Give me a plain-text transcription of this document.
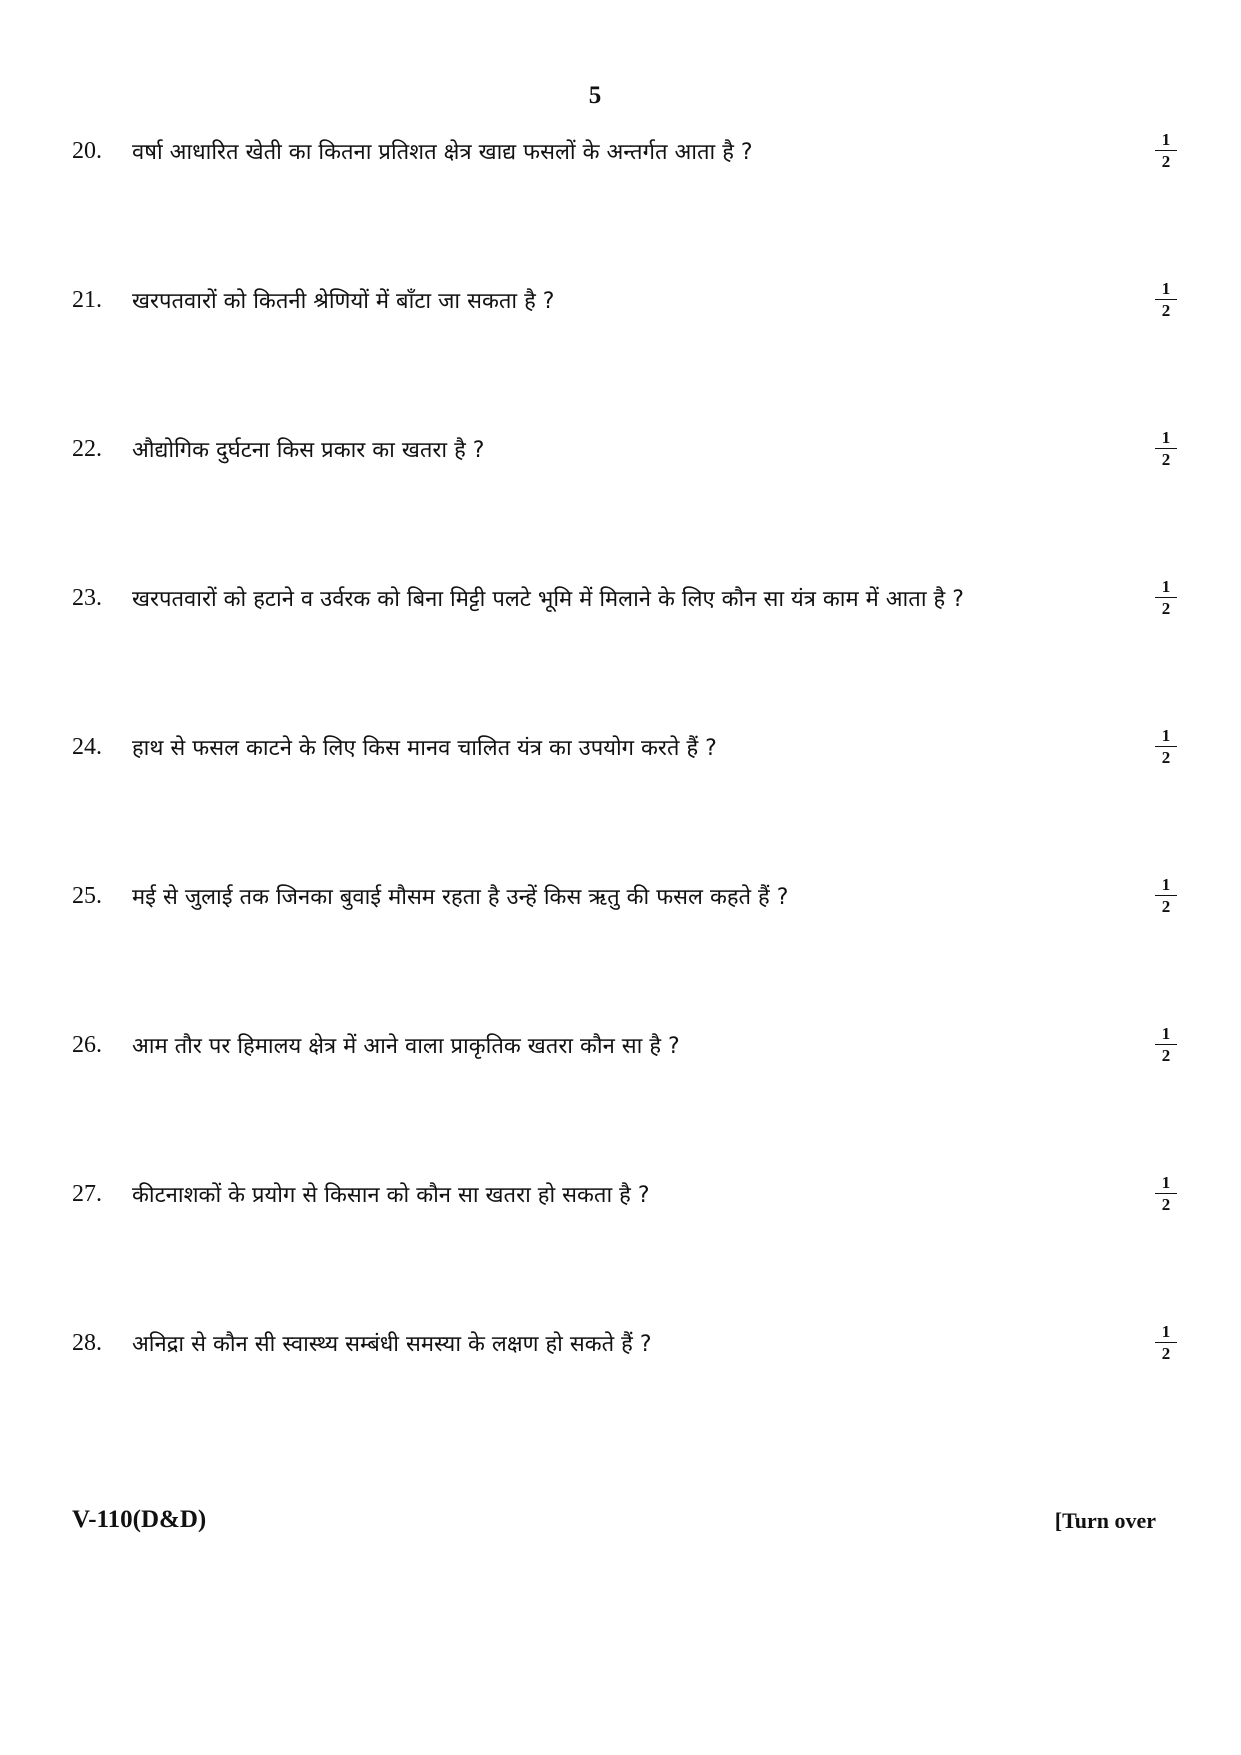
5
20. वर्षा आधारित खेती का कितना प्रतिशत क्षेत्र खाद्य फसलों के अन्तर्गत आता है ?	$\frac{1}{2}$
21. खरपतवारों को कितनी श्रेणियों में बाँटा जा सकता है ?	$\frac{1}{2}$
22. औद्योगिक दुर्घटना किस प्रकार का खतरा है ?	$\frac{1}{2}$
23. खरपतवारों को हटाने व उर्वरक को बिना मिट्टी पलटे भूमि में मिलाने के लिए कौन सा यंत्र काम में आता है ?	$\frac{1}{2}$
24. हाथ से फसल काटने के लिए किस मानव चालित यंत्र का उपयोग करते हैं ?	$\frac{1}{2}$
25. मई से जुलाई तक जिनका बुवाई मौसम रहता है उन्हें किस ऋतु की फसल कहते हैं ?	$\frac{1}{2}$
26. आम तौर पर हिमालय क्षेत्र में आने वाला प्राकृतिक खतरा कौन सा है ?	$\frac{1}{2}$
27. कीटनाशकों के प्रयोग से किसान को कौन सा खतरा हो सकता है ?	$\frac{1}{2}$
28. अनिद्रा से कौन सी स्वास्थ्य सम्बंधी समस्या के लक्षण हो सकते हैं ?	$\frac{1}{2}$
V-110(D&D)	[Turn over
